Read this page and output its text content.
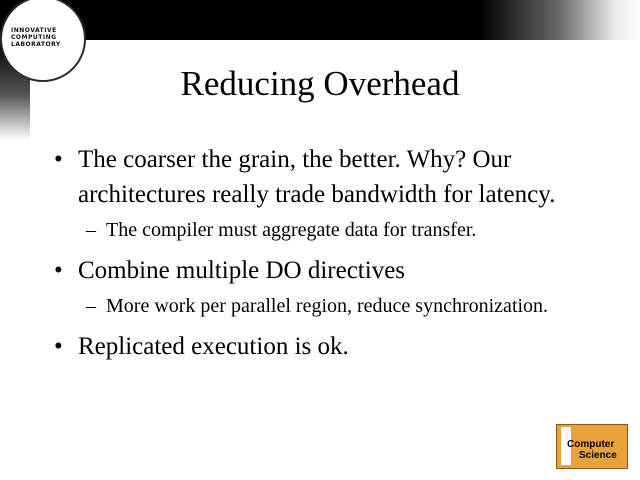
INNOVATIVE
COMPUTING
LABORATORY
Reducing Overhead
• The coarser the grain, the better. Why? Our architectures really trade bandwidth for latency.
– The compiler must aggregate data for transfer.
• Combine multiple DO directives
– More work per parallel region, reduce synchronization.
• Replicated execution is ok.
Computer
Science
